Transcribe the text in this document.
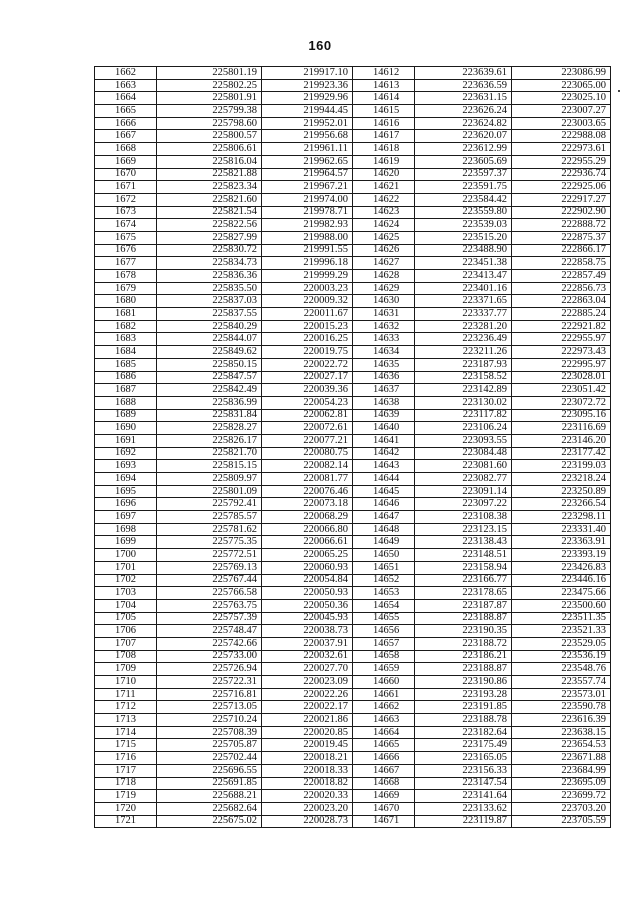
160
1662	225801.19	219917.10	14612	223639.61	223086.99
1663	225802.25	219923.36	14613	223636.59	223065.00
1664	225801.91	219929.96	14614	223631.15	223025.10
1665	225799.38	219944.45	14615	223626.24	223007.27
1666	225798.60	219952.01	14616	223624.82	223003.65
1667	225800.57	219956.68	14617	223620.07	222988.08
1668	225806.61	219961.11	14618	223612.99	222973.61
1669	225816.04	219962.65	14619	223605.69	222955.29
1670	225821.88	219964.57	14620	223597.37	222936.74
1671	225823.34	219967.21	14621	223591.75	222925.06
1672	225821.60	219974.00	14622	223584.42	222917.27
1673	225821.54	219978.71	14623	223559.80	222902.90
1674	225822.56	219982.93	14624	223539.03	222888.72
1675	225827.99	219988.00	14625	223515.20	222875.37
1676	225830.72	219991.55	14626	223488.90	222866.17
1677	225834.73	219996.18	14627	223451.38	222858.75
1678	225836.36	219999.29	14628	223413.47	222857.49
1679	225835.50	220003.23	14629	223401.16	222856.73
1680	225837.03	220009.32	14630	223371.65	222863.04
1681	225837.55	220011.67	14631	223337.77	222885.24
1682	225840.29	220015.23	14632	223281.20	222921.82
1683	225844.07	220016.25	14633	223236.49	222955.97
1684	225849.62	220019.75	14634	223211.26	222973.43
1685	225850.15	220022.72	14635	223187.93	222995.97
1686	225847.57	220027.17	14636	223158.52	223028.01
1687	225842.49	220039.36	14637	223142.89	223051.42
1688	225836.99	220054.23	14638	223130.02	223072.72
1689	225831.84	220062.81	14639	223117.82	223095.16
1690	225828.27	220072.61	14640	223106.24	223116.69
1691	225826.17	220077.21	14641	223093.55	223146.20
1692	225821.70	220080.75	14642	223084.48	223177.42
1693	225815.15	220082.14	14643	223081.60	223199.03
1694	225809.97	220081.77	14644	223082.77	223218.24
1695	225801.09	220076.46	14645	223091.14	223250.89
1696	225792.41	220073.18	14646	223097.22	223266.54
1697	225785.57	220068.29	14647	223108.38	223298.11
1698	225781.62	220066.80	14648	223123.15	223331.40
1699	225775.35	220066.61	14649	223138.43	223363.91
1700	225772.51	220065.25	14650	223148.51	223393.19
1701	225769.13	220060.93	14651	223158.94	223426.83
1702	225767.44	220054.84	14652	223166.77	223446.16
1703	225766.58	220050.93	14653	223178.65	223475.66
1704	225763.75	220050.36	14654	223187.87	223500.60
1705	225757.39	220045.93	14655	223188.87	223511.35
1706	225748.47	220038.73	14656	223190.35	223521.33
1707	225742.66	220037.91	14657	223188.72	223529.05
1708	225733.00	220032.61	14658	223186.21	223536.19
1709	225726.94	220027.70	14659	223188.87	223548.76
1710	225722.31	220023.09	14660	223190.86	223557.74
1711	225716.81	220022.26	14661	223193.28	223573.01
1712	225713.05	220022.17	14662	223191.85	223590.78
1713	225710.24	220021.86	14663	223188.78	223616.39
1714	225708.39	220020.85	14664	223182.64	223638.15
1715	225705.87	220019.45	14665	223175.49	223654.53
1716	225702.44	220018.21	14666	223165.05	223671.88
1717	225696.55	220018.33	14667	223156.33	223684.99
1718	225691.85	220018.82	14668	223147.54	223695.09
1719	225688.21	220020.33	14669	223141.64	223699.72
1720	225682.64	220023.20	14670	223133.62	223703.20
1721	225675.02	220028.73	14671	223119.87	223705.59
